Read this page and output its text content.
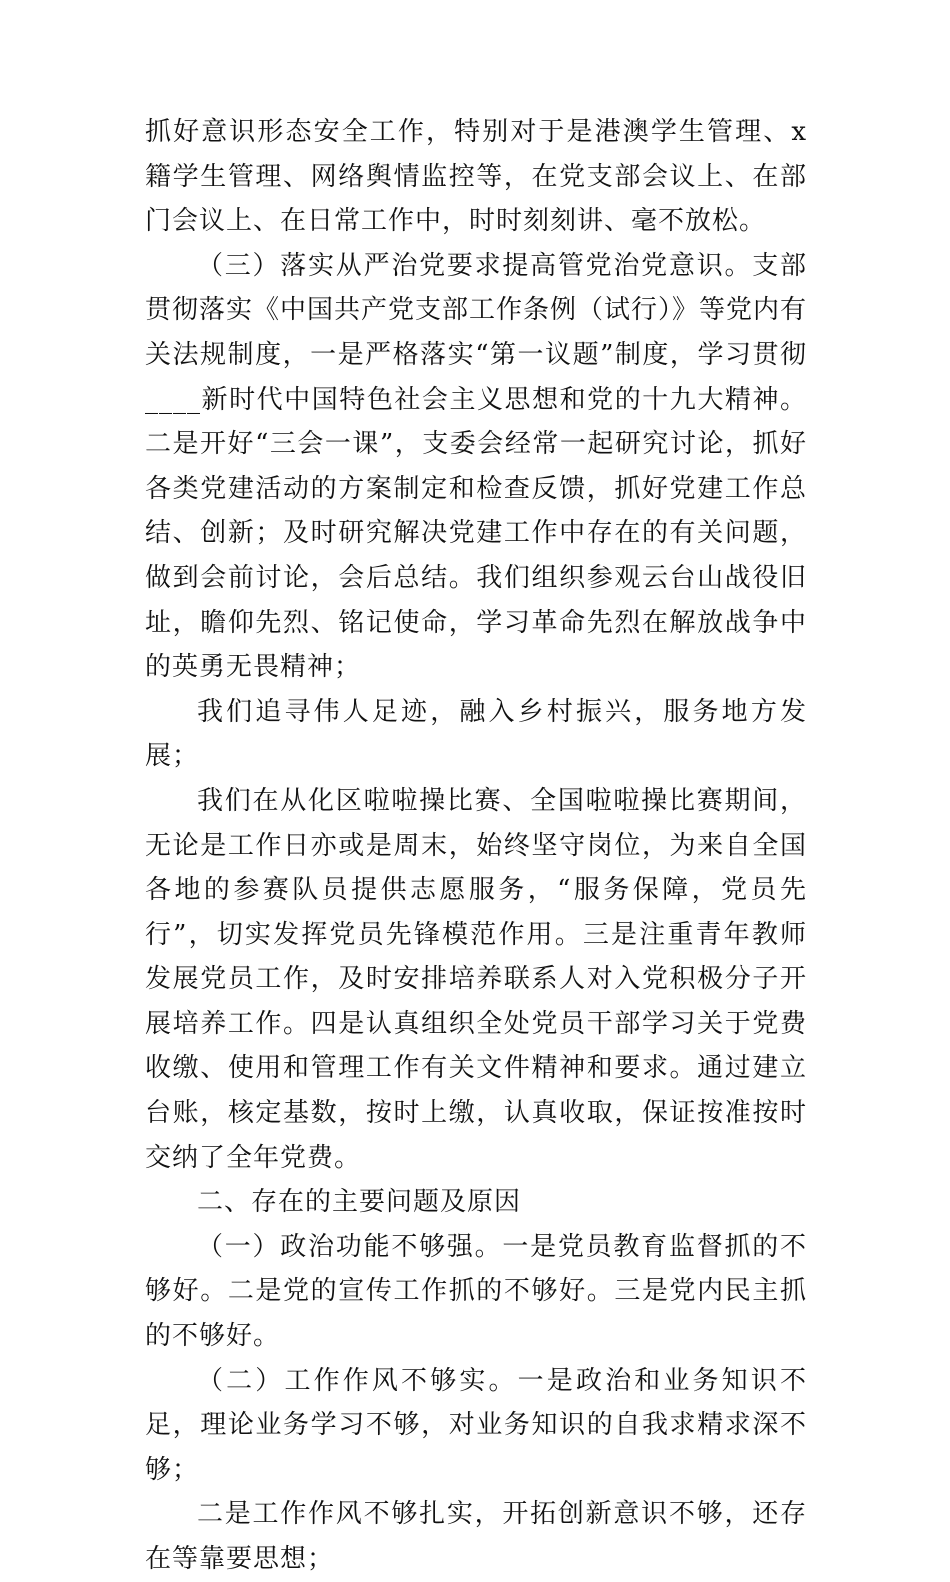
抓好意识形态安全工作，特别对于是港澳学生管理、x籍学生管理、网络舆情监控等，在党支部会议上、在部门会议上、在日常工作中，时时刻刻讲、毫不放松。

（三）落实从严治党要求提高管党治党意识。支部贯彻落实《中国共产党支部工作条例（试行）》等党内有关法规制度，一是严格落实“第一议题”制度，学习贯彻____新时代中国特色社会主义思想和党的十九大精神。二是开好“三会一课”，支委会经常一起研究讨论，抓好各类党建活动的方案制定和检查反馈，抓好党建工作总结、创新；及时研究解决党建工作中存在的有关问题，做到会前讨论，会后总结。我们组织参观云台山战役旧址，瞻仰先烈、铭记使命，学习革命先烈在解放战争中的英勇无畏精神；

我们追寻伟人足迹，融入乡村振兴，服务地方发展；

我们在从化区啦啦操比赛、全国啦啦操比赛期间，无论是工作日亦或是周末，始终坚守岗位，为来自全国各地的参赛队员提供志愿服务，“服务保障，党员先行”，切实发挥党员先锋模范作用。三是注重青年教师发展党员工作，及时安排培养联系人对入党积极分子开展培养工作。四是认真组织全处党员干部学习关于党费收缴、使用和管理工作有关文件精神和要求。通过建立台账，核定基数，按时上缴，认真收取，保证按准按时交纳了全年党费。

二、存在的主要问题及原因

（一）政治功能不够强。一是党员教育监督抓的不够好。二是党的宣传工作抓的不够好。三是党内民主抓的不够好。

（二）工作作风不够实。一是政治和业务知识不足，理论业务学习不够，对业务知识的自我求精求深不够；

二是工作作风不够扎实，开拓创新意识不够，还存在等靠要思想；
